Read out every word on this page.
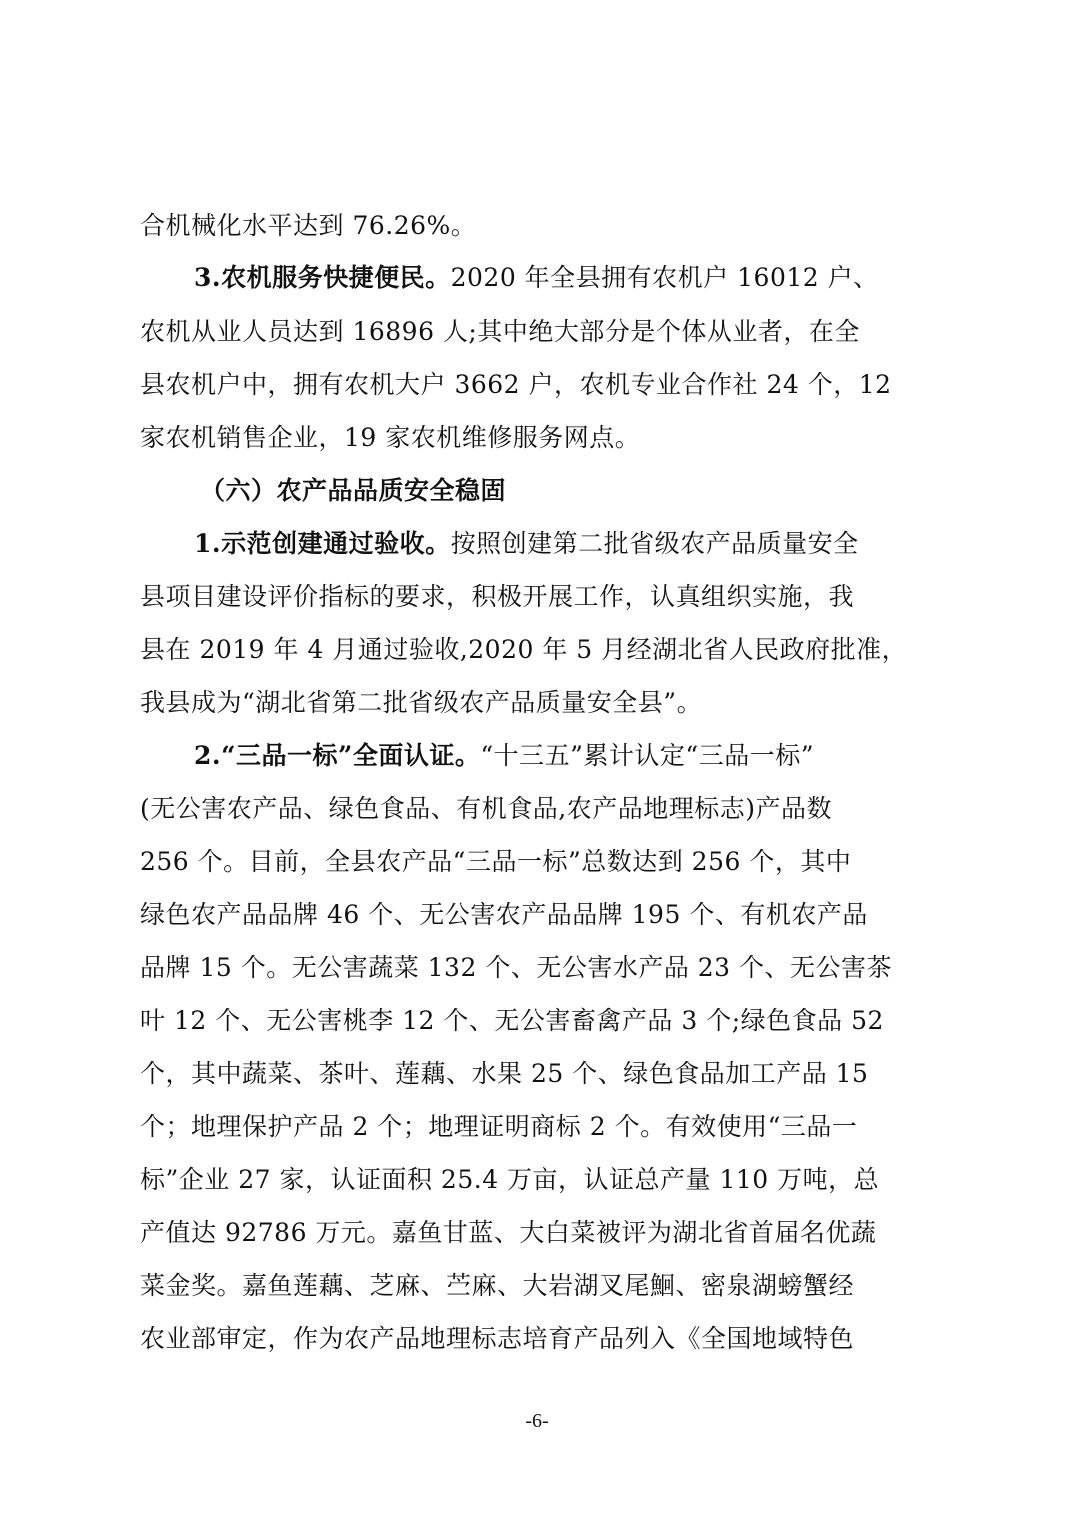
合机械化水平达到 76.26%。
3.农机服务快捷便民。2020 年全县拥有农机户 16012 户、
农机从业人员达到 16896 人;其中绝大部分是个体从业者，在全
县农机户中，拥有农机大户 3662 户，农机专业合作社 24 个，12
家农机销售企业，19 家农机维修服务网点。
（六）农产品品质安全稳固
1.示范创建通过验收。按照创建第二批省级农产品质量安全
县项目建设评价指标的要求，积极开展工作，认真组织实施，我
县在 2019 年 4 月通过验收,2020 年 5 月经湖北省人民政府批准，
我县成为“湖北省第二批省级农产品质量安全县”。
2.“三品一标”全面认证。“十三五”累计认定“三品一标”
(无公害农产品、绿色食品、有机食品,农产品地理标志)产品数
256 个。目前，全县农产品“三品一标”总数达到 256 个，其中
绿色农产品品牌 46 个、无公害农产品品牌 195 个、有机农产品
品牌 15 个。无公害蔬菜 132 个、无公害水产品 23 个、无公害茶
叶 12 个、无公害桃李 12 个、无公害畜禽产品 3 个;绿色食品 52
个，其中蔬菜、茶叶、莲藕、水果 25 个、绿色食品加工产品 15
个；地理保护产品 2 个；地理证明商标 2 个。有效使用“三品一
标”企业 27 家，认证面积 25.4 万亩，认证总产量 110 万吨，总
产值达 92786 万元。嘉鱼甘蓝、大白菜被评为湖北省首届名优蔬
菜金奖。嘉鱼莲藕、芝麻、苎麻、大岩湖叉尾鮰、密泉湖螃蟹经
农业部审定，作为农产品地理标志培育产品列入《全国地域特色
-6-
